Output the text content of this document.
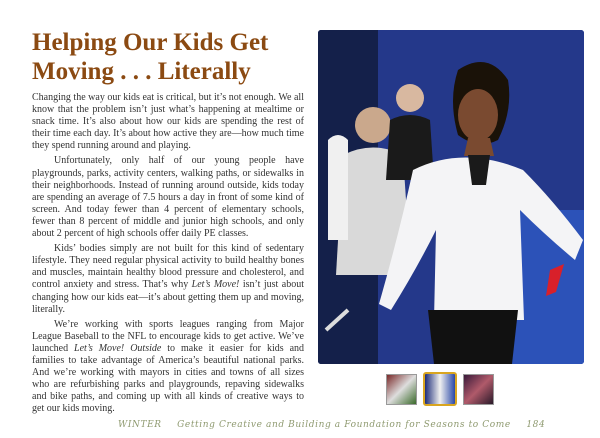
Helping Our Kids Get Moving . . . Literally

Changing the way our kids eat is critical, but it’s not enough. We all know that the problem isn’t just what’s happening at mealtime or snack time. It’s also about how our kids are spending the rest of their time each day. It’s about how active they are—how much time they spend running around and playing.

Unfortunately, only half of our young people have playgrounds, parks, activity centers, walking paths, or sidewalks in their neighborhoods. Instead of running around outside, kids today are spending an average of 7.5 hours a day in front of some kind of screen. And today fewer than 4 percent of elementary schools, fewer than 8 percent of middle and junior high schools, and only about 2 percent of high schools offer daily PE classes.

Kids’ bodies simply are not built for this kind of sedentary lifestyle. They need regular physical activity to build healthy bones and muscles, maintain healthy blood pressure and cholesterol, and control anxiety and stress. That’s why Let’s Move! isn’t just about changing how our kids eat—it’s about getting them up and moving, literally.

We’re working with sports leagues ranging from Major League Baseball to the NFL to encourage kids to get active. We’ve launched Let’s Move! Outside to make it easier for kids and families to take advantage of America’s beautiful national parks. And we’re working with mayors in cities and towns of all sizes who are refurbishing parks and playgrounds, repaving sidewalks and bike paths, and coming up with all kinds of creative ways to get our kids moving.

WINTER Getting Creative and Building a Foundation for Seasons to Come 184
